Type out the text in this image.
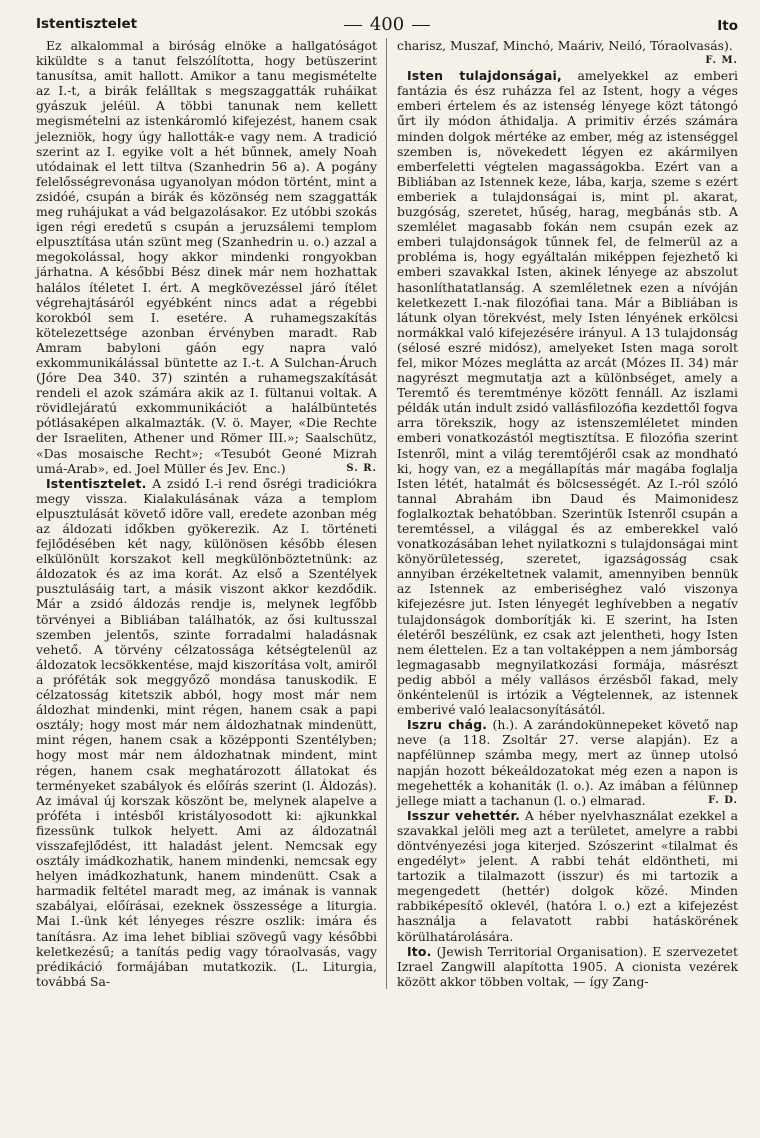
Istentisztelet	400	Ito

Ez alkalommal a biróság elnöke a hallgatóságot kiküldte s a tanut felszólította, hogy betüszerint tanusítsa, amit hallott. Amikor a tanu megismételte az I.-t, a birák felálltak s megszaggatták ruháikat gyászuk jeléül. A többi tanunak nem kellett megismételni az istenkáromló kifejezést, hanem csak jelezniök, hogy úgy hallották-e vagy nem. A tradició szerint az I. egyike volt a hét bűnnek, amely Noah utódainak el lett tiltva (Szanhedrin 56 a). A pogány felelősségrevonása ugyanolyan módon történt, mint a zsidóé, csupán a birák és közönség nem szaggatták meg ruhájukat a vád belgazolásakor. Ez utóbbi szokás igen régi eredetű s csupán a jeruzsálemi templom elpusztítása után szünt meg (Szanhedrin u. o.) azzal a megokolással, hogy akkor mindenki rongyokban járhatna. A későbbi Bész dinek már nem hozhattak halálos ítéletet I. ért. A megkövezéssel járó ítélet végrehajtásáról egyébként nincs adat a régebbi korokból sem I. esetére. A ruhamegszakítás kötelezettsége azonban érvényben maradt. Rab Amram babyloni gáón egy napra való exkommunikálással büntette az I.-t. A Sulchan-Áruch (Jóre Dea 340. 37) szintén a ruhamegszakítását rendeli el azok számára akik az I. fültanui voltak. A rövidlejáratú exkommunikációt a halálbüntetés pótlásaképen alkalmazták. (V. ö. Mayer, «Die Rechte der Israeliten, Athener und Römer III.»; Saalschütz, «Das mosaische Recht»; «Tesubót Geoné Mizrah umá-Arab», ed. Joel Müller és Jev. Enc.)	S. R.

Istentisztelet. A zsidó I.-i rend ősrégi tradiciókra megy vissza. Kialakulásának váza a templom elpusztulását követő idõre vall, eredete azonban még az áldozati időkben gyökerezik. Az I. történeti fejlődésében két nagy, különösen később élesen elkülönült korszakot kell megkülönböztetnünk: az áldozatok és az ima korát. Az első a Szentélyek pusztulásáig tart, a másik viszont akkor kezdődik. Már a zsidó áldozás rendje is, melynek legfőbb törvényei a Bibliában találhatók, az ősi kultusszal szemben jelentős, szinte forradalmi haladásnak vehető. A törvény célzatossága kétségtelenül az áldozatok lecsökkentése, majd kiszorítása volt, amiről a próféták sok meggyőző mondása tanuskodik. E célzatosság kitetszik abból, hogy most már nem áldozhat mindenki, mint régen, hanem csak a papi osztály; hogy most már nem áldozhatnak mindenütt, mint régen, hanem csak a középponti Szentélyben; hogy most már nem áldozhatnak mindent, mint régen, hanem csak meghatározott állatokat és terményeket szabályok és előírás szerint (l. Áldozás). Az imával új korszak köszönt be, melynek alapelve a próféta i intésből kristályosodott ki: ajkunkkal fizessünk tulkok helyett. Ami az áldozatnál visszafejlődést, itt haladást jelent. Nemcsak egy osztály imádkozhatik, hanem mindenki, nemcsak egy helyen imádkozhatunk, hanem mindenütt. Csak a harmadik feltétel maradt meg, az imának is vannak szabályai, előírásai, ezeknek összessége a liturgia. Mai I.-ünk két lényeges részre oszlik: imára és tanításra. Az ima lehet bibliai szövegű vagy későbbi keletkezésű; a tanítás pedig vagy tóraolvasás, vagy prédikáció formájában mutatkozik. (L. Liturgia, továbbá Sa-

charisz, Muszaf, Minchó, Maáriv, Neiló, Tóraolvasás).
F. M.

Isten tulajdonságai, amelyekkel az emberi fantázia és ész ruházza fel az Istent, hogy a véges emberi értelem és az istenség lényege közt tátongó űrt ily módon áthidalja. A primitiv érzés számára minden dolgok mértéke az ember, még az istenséggel szemben is, növekedett légyen ez akármilyen emberfeletti végtelen magasságokba. Ezért van a Bibliában az Istennek keze, lába, karja, szeme s ezért emberiek a tulajdonságai is, mint pl. akarat, buzgóság, szeretet, hűség, harag, megbánás stb. A szemlélet magasabb fokán nem csupán ezek az emberi tulajdonságok tűnnek fel, de felmerül az a probléma is, hogy egyáltalán miképpen fejezhető ki emberi szavakkal Isten, akinek lényege az abszolut hasonlíthatatlanság. A szemléletnek ezen a nívóján keletkezett I.-nak filozófiai tana. Már a Bibliában is látunk olyan törekvést, mely Isten lényének erkölcsi normákkal való kifejezésére irányul. A 13 tulajdonság (sélosé eszré midósz), amelyeket Isten maga sorolt fel, mikor Mózes meglátta az arcát (Mózes II. 34) már nagyrészt megmutatja azt a különbséget, amely a Teremtő és teremtménye között fennáll. Az iszlami példák után indult zsidó vallásfilozófia kezdettől fogva arra törekszik, hogy az istenszemléletet minden emberi vonatkozástól megtisztítsa. E filozófia szerint Istenről, mint a világ teremtőjéről csak az mondható ki, hogy van, ez a megállapítás már magába foglalja Isten létét, hatalmát és bölcsességét. Az I.-ról szóló tannal Abrahám ibn Daud és Maimonidesz foglalkoztak behatóbban. Szerintük Istenről csupán a teremtéssel, a világgal és az emberekkel való vonatkozásában lehet nyilatkozni s tulajdonságai mint könyörületesség, szeretet, igazságosság csak annyiban érzékeltetnek valamit, amennyiben bennük az Istennek az emberiséghez való viszonya kifejezésre jut. Isten lényegét leghívebben a negatív tulajdonságok domborítják ki. E szerint, ha Isten életéről beszélünk, ez csak azt jelentheti, hogy Isten nem élettelen. Ez a tan voltaképpen a nem jámborság legmagasabb megnyilatkozási formája, másrészt pedig abból a mély vallásos érzésből fakad, mely önkéntelenül is irtózik a Végtelennek, az istennek emberivé való lealacsonyításától.

Iszru chág. (h.). A zarándokünnepeket követő nap neve (a 118. Zsoltár 27. verse alapján). Ez a napfélünnep számba megy, mert az ünnep utolsó napján hozott békeáldozatokat még ezen a napon is megehették a kohaniták (l. o.). Az imában a félünnep jellege miatt a tachanun (l. o.) elmarad.	F. D.

Isszur vehettér. A héber nyelvhasználat ezekkel a szavakkal jelöli meg azt a területet, amelyre a rabbi döntvényezési joga kiterjed. Szószerint «tilalmat és engedélyt» jelent. A rabbi tehát eldöntheti, mi tartozik a tilalmazott (isszur) és mi tartozik a megengedett (hettér) dolgok közé. Minden rabbiképesítő oklevél, (hatóra l. o.) ezt a kifejezést használja a felavatott rabbi hatáskörének körülhatárolására.

Ito. (Jewish Territorial Organisation). E szervezetet Izrael Zangwill alapította 1905. A cionista vezérek között akkor többen voltak, — így Zang-
